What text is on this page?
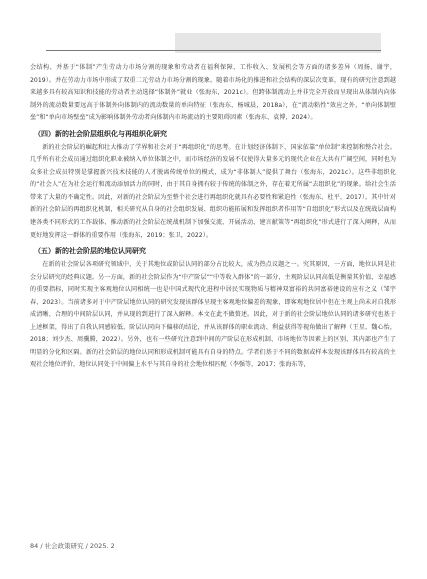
会结构、并基于“体制”产生劳动力市场分割的现象和劳动者在福利保障、工作收入、发展机会等方面的诸多差异（周扬、谢宇，2019）。并在劳动力市场中形成了双重二元劳动力市场分割的现象。随着市场化的推进和社会结构的深层次变革，现有的研究注意到越来越多具有较高知识和技能的劳动者主动选择“体制外”就业（张海东，2021c）。但跨体制流动上并非完全开放而呈现出从体制内向体制外的流动数量要远高于体制外向体制内的流动数量的单向特征（张海东、杨城晨，2018a），在“流动粘性”效应之外，“单向体制壁垒”和“单向市场壁垒”成为影响体制外劳动者向体制内市场流动的主要阻碍因素（张海东、袁博，2024）。

（四）新的社会阶层组织化与再组织化研究

新的社会阶层的崛起和壮大推动了学界和社会对于“再组织化”的思考。在计划经济体制下，国家依靠“单位制”来控制和整合社会。几乎所有社会成员通过组织化职业被纳入单位体制之中，而市场经济的发展不仅使得大量多元的现代企业在大共有广阔空间，同时也为众多社会成员特别是掌握新兴技术技能的人才脱离传统单位的模式，成为“非体制人”提供了舞台（张海东，2021c）。这些非组织化的“社会人”在为社会运行和流动添加活力的同时，由于其自身拥有较于传统的体制之外，存在着无所属“去组织化”的现象。给社会生活带来了大量的不确定性。因此，对新的社会阶层为至整个社会进行再组织化就具有必要性和紧迫性（张海东、杜平，2017）。其中针对新的社会阶层的再组织化机制，相关研究从自身的社会组织发展、组织功能拓展和发挥组织者作用等“自组织化”形式以及在统战层面构建各类不同形式的工作载体、推动新的社会阶层在统战机制下加强交流、开展活动、建言献策等“再组织化”形式进行了深入阐释，从而更好地发挥这一群体的重要作用（张海东，2019；张卫，2022）。

（五）新的社会阶层的地位认同研究

在新的社会阶层各项研究领域中，关于其地位或阶层认同的部分占比较大，成为热点议题之一。究其原因，一方面，地位认同是社会分层研究的经典议题。另一方面，新的社会阶层作为“中产阶层”“中等收入群体”的一部分，主观阶层认同高低是衡量其价值、幸福感的重要指标，同时实现主客观地位认同相统一也是中国式现代化进程中居民实现物质与精神双富裕的共同富裕建设的应有之义（邹宇春，2023）。当前诸多对于中产阶层地位认同的研究发现该群体呈现主客观地位偏差的现象，即客观地位居中但在主观上尚未对自我形成清晰、合理的中间阶层认同，并从现的到进行了深入解释。本文在此不做赘述。因此，对于新的社会阶层地位认同的诸多研究也基于上述框架，得出了自我认同感较低、阶层认同向下偏移的结论，并从该群体的职业流动、利益获得等视角做出了解释（王星、魏心怡，2018；刘少杰、周骥腾，2022）。另外，也有一些研究注意到中间的产阶层在形成机制、市场地位等因素上的区别，其内部也产生了明显的分化和区隔。新的社会阶层的地位认同和形成机制可能具有自身的特点。学者们基于不同的数据或样本发现该群体具有较高的主观社会地位评价，地位认同处于中间偏上水平与其自身的社会地位相匹配（李强等，2017；张海东等，

84 / 社会政策研究 / 2025. 2
